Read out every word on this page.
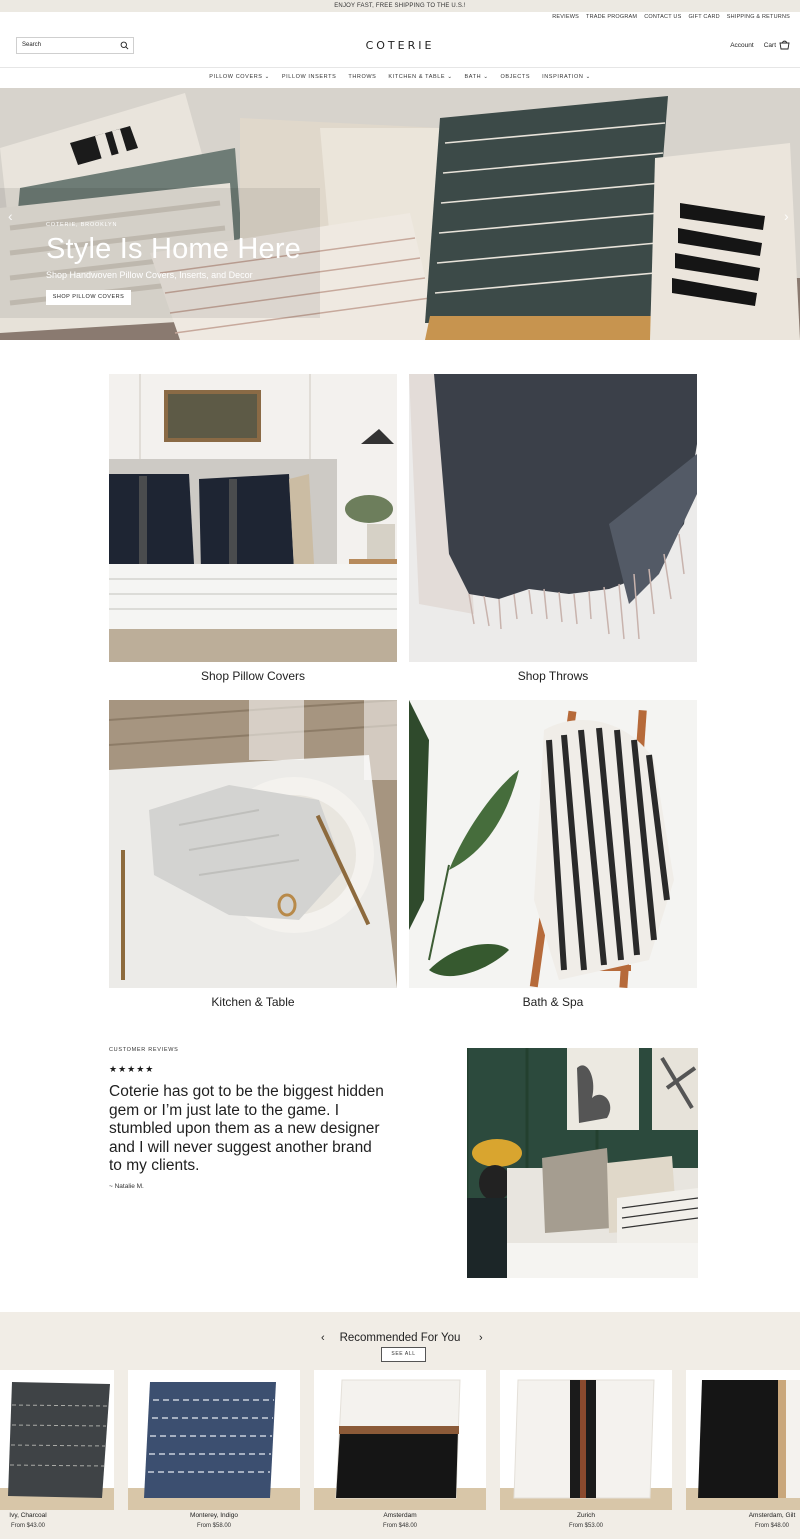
ENJOY FAST, FREE SHIPPING TO THE U.S.!
REVIEWS TRADE PROGRAM CONTACT US GIFT CARD SHIPPING & RETURNS
Search	COTERIE	Account Cart
PILLOW COVERS ⌄ PILLOW INSERTS THROWS KITCHEN & TABLE ⌄ BATH ⌄ OBJECTS INSPIRATION ⌄
‹	›
COTERIE, BROOKLYN
Style Is Home Here
Shop Handwoven Pillow Covers, Inserts, and Decor
SHOP PILLOW COVERS
Shop Pillow Covers	Shop Throws
Kitchen & Table	Bath & Spa
CUSTOMER REVIEWS
★★★★★
Coterie has got to be the biggest hidden gem or I’m just late to the game. I stumbled upon them as a new designer and I will never suggest another brand to my clients.
~ Natalie M.
‹	Recommended For You	›
SEE ALL
Ivy, Charcoal
From $43.00
Monterey, Indigo
From $58.00
Amsterdam
From $48.00
Zurich
From $53.00
Amsterdam, Gilt
From $48.00
